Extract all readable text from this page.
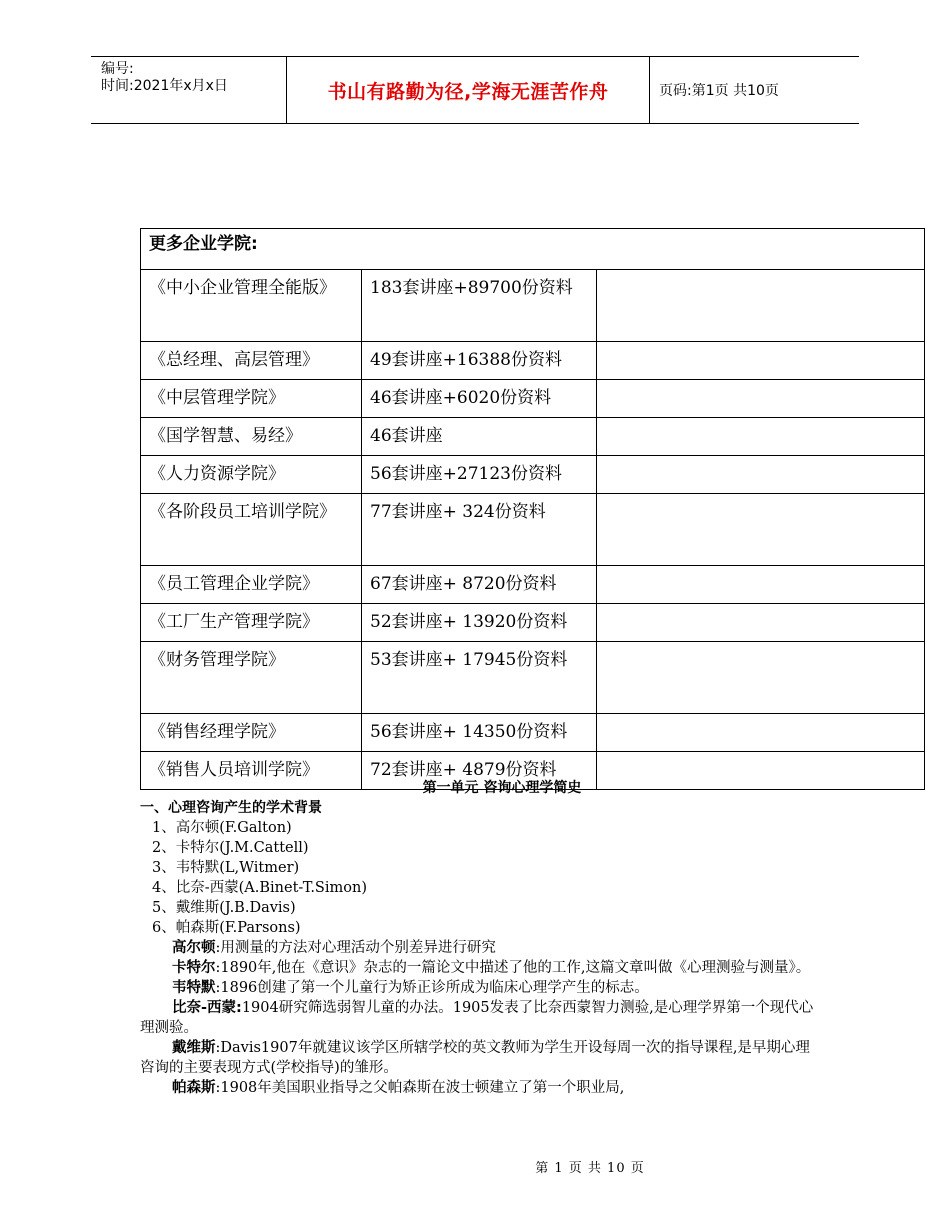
编号:
时间:2021年x月x日	书山有路勤为径,学海无涯苦作舟	页码:第1页 共10页
更多企业学院:		
《中小企业管理全能版》	183套讲座+89700份资料	
《总经理、高层管理》	49套讲座+16388份资料	
《中层管理学院》	46套讲座+6020份资料	
《国学智慧、易经》	46套讲座	
《人力资源学院》	56套讲座+27123份资料	
《各阶段员工培训学院》	77套讲座+ 324份资料	
《员工管理企业学院》	67套讲座+ 8720份资料	
《工厂生产管理学院》	52套讲座+ 13920份资料	
《财务管理学院》	53套讲座+ 17945份资料	
《销售经理学院》	56套讲座+ 14350份资料	
《销售人员培训学院》	72套讲座+ 4879份资料	
第一单元 咨询心理学简史
一、心理咨询产生的学术背景
1、高尔顿(F.Galton)
2、卡特尔(J.M.Cattell)
3、韦特默(L,Witmer)
4、比奈-西蒙(A.Binet-T.Simon)
5、戴维斯(J.B.Davis)
6、帕森斯(F.Parsons)
高尔顿:用测量的方法对心理活动个别差异进行研究
卡特尔:1890年,他在《意识》杂志的一篇论文中描述了他的工作,这篇文章叫做《心理测验与测量》。
韦特默:1896创建了第一个儿童行为矫正诊所成为临床心理学产生的标志。
比奈-西蒙:1904研究筛选弱智儿童的办法。1905发表了比奈西蒙智力测验,是心理学界第一个现代心理测验。
戴维斯:Davis1907年就建议该学区所辖学校的英文教师为学生开设每周一次的指导课程,是早期心理咨询的主要表现方式(学校指导)的雏形。
帕森斯:1908年美国职业指导之父帕森斯在波士顿建立了第一个职业局,
第 1 页 共 10 页
